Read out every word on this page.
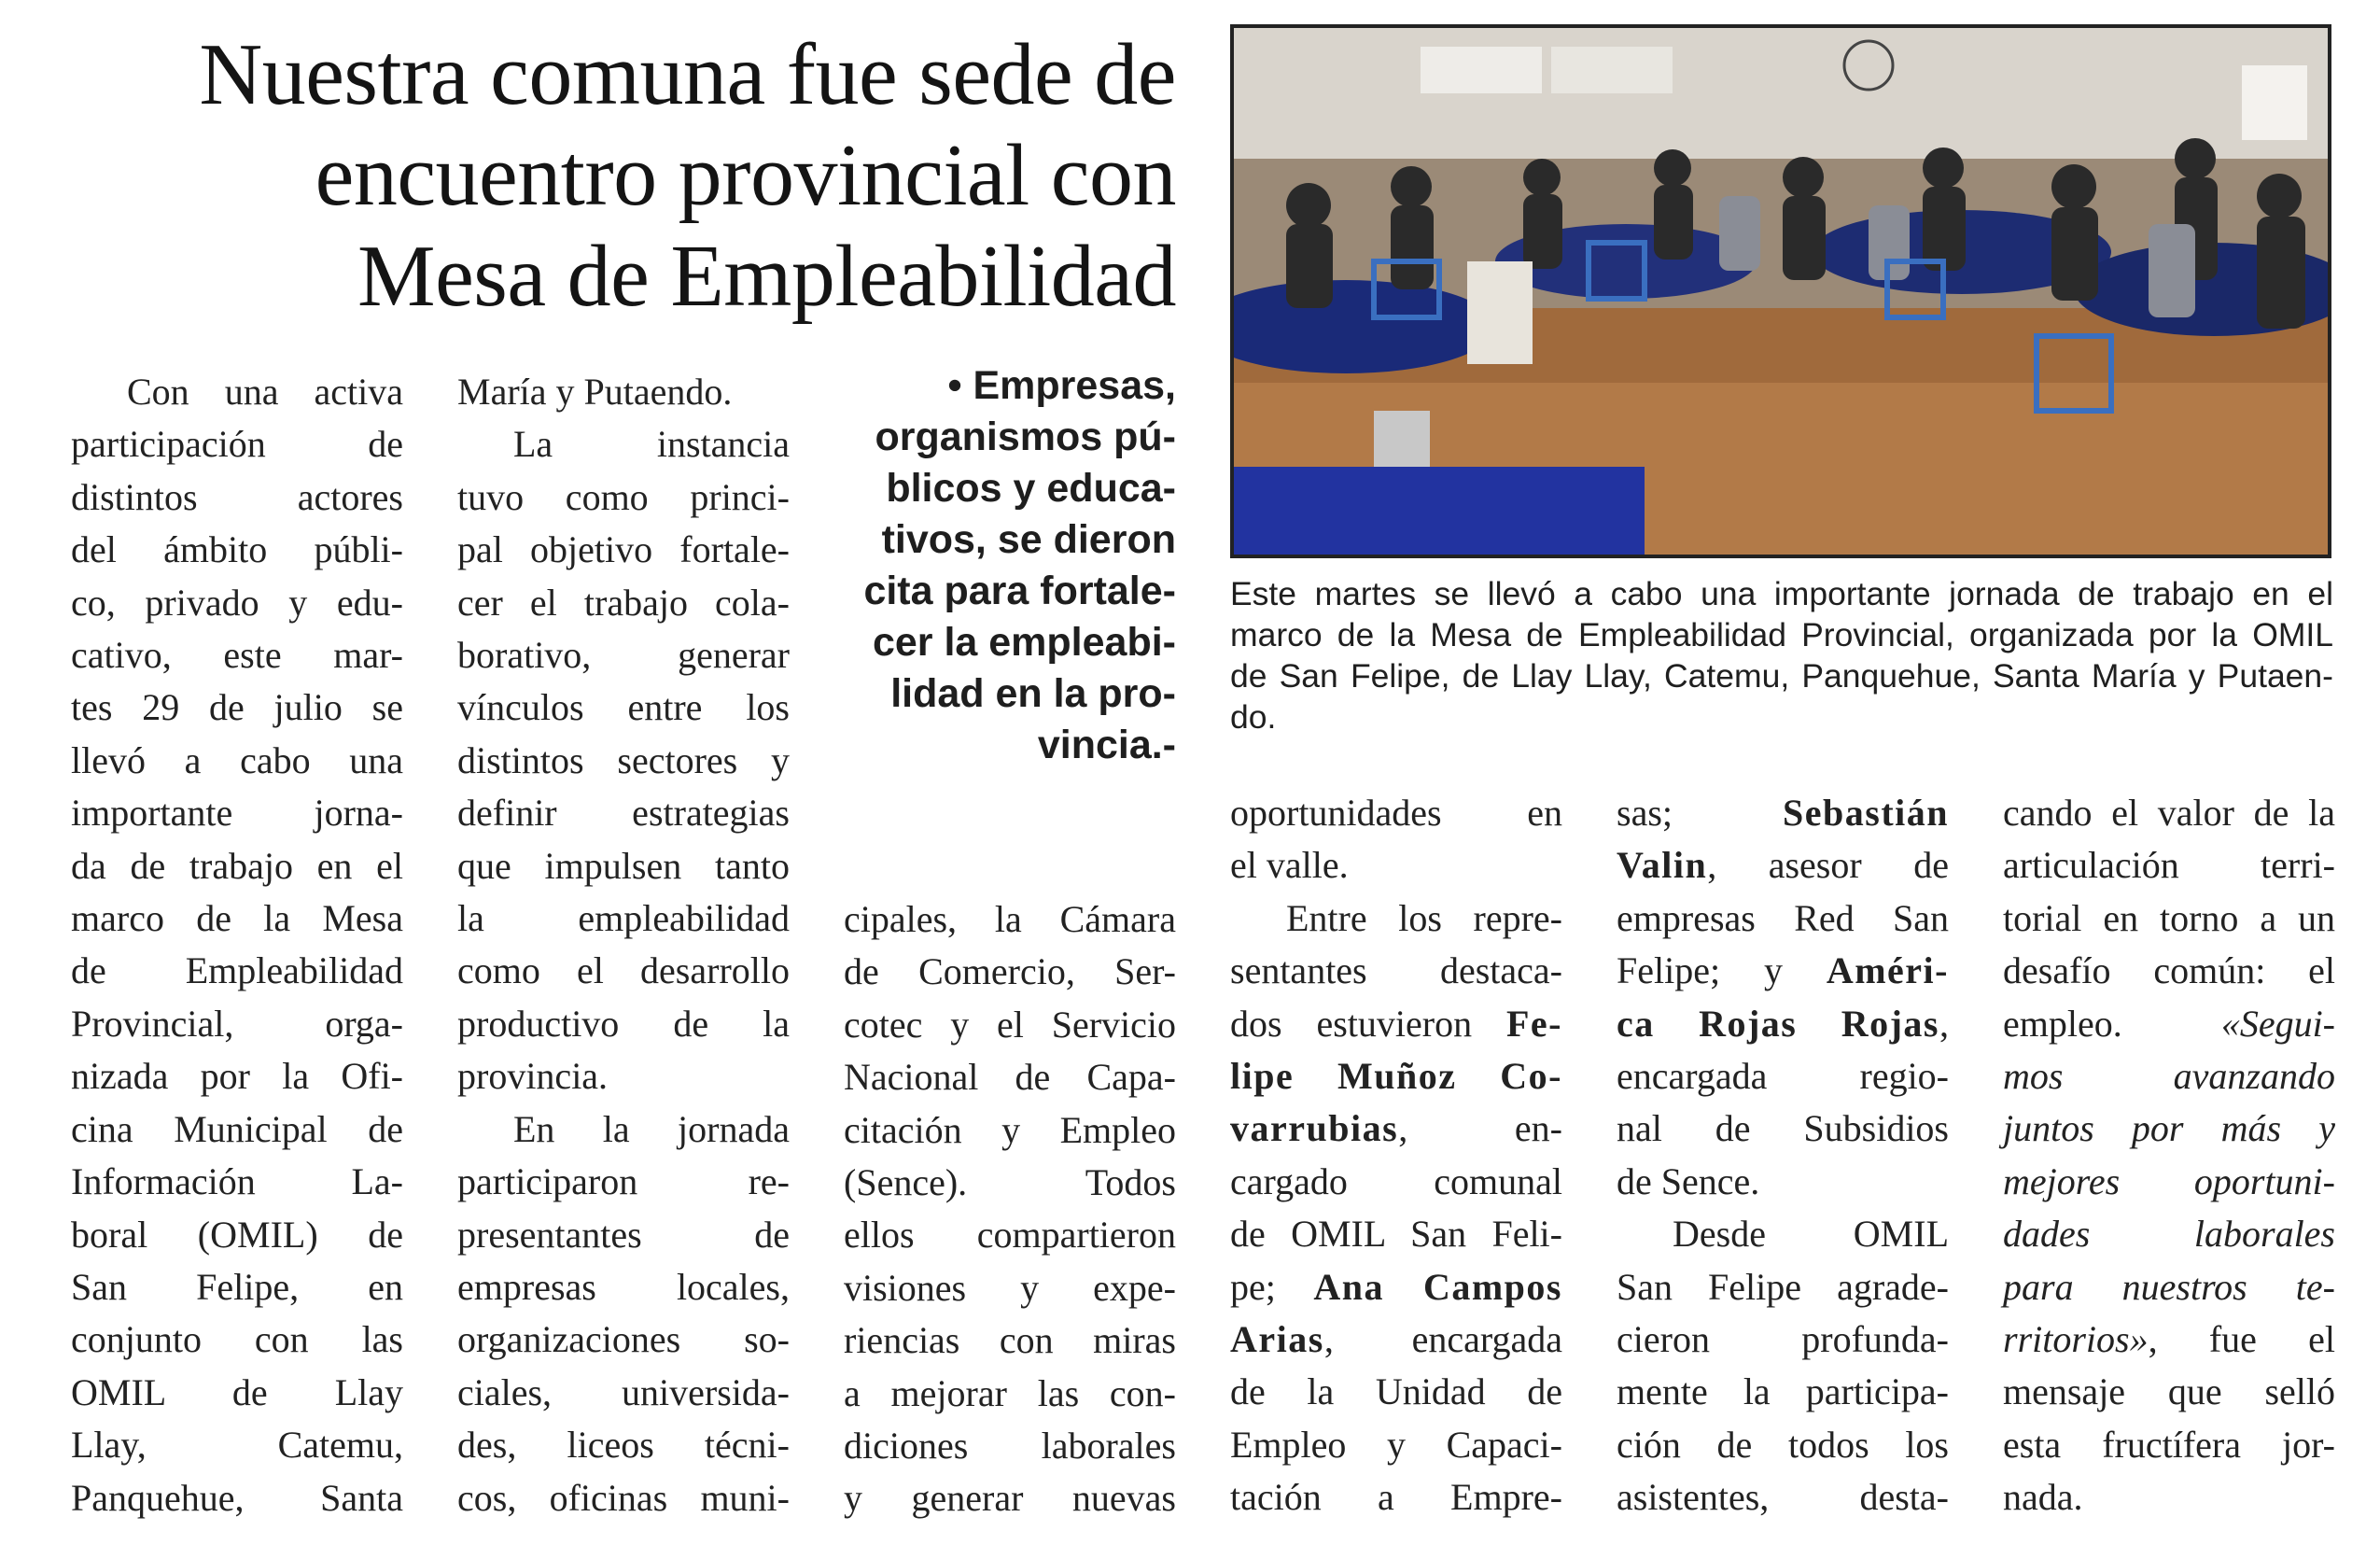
Nuestra comuna fue sede de
encuentro provincial con
Mesa de Empleabilidad

Este martes se llevó a cabo una importante jornada de trabajo en el
marco de la Mesa de Empleabilidad Provincial, organizada por la OMIL
de San Felipe, de Llay Llay, Catemu, Panquehue, Santa María y Putaen-
do.

• Empresas,
organismos pú-
blicos y educa-
tivos, se dieron
cita para fortale-
cer la empleabi-
lidad en la pro-
vincia.-

Con una activa
participación de
distintos actores
del ámbito públi-
co, privado y edu-
cativo, este mar-
tes 29 de julio se
llevó a cabo una
importante jorna-
da de trabajo en el
marco de la Mesa
de Empleabilidad
Provincial, orga-
nizada por la Ofi-
cina Municipal de
Información La-
boral (OMIL) de
San Felipe, en
conjunto con las
OMIL de Llay
Llay, Catemu,
Panquehue, Santa
María y Putaendo.
La instancia
tuvo como princi-
pal objetivo fortale-
cer el trabajo cola-
borativo, generar
vínculos entre los
distintos sectores y
definir estrategias
que impulsen tanto
la empleabilidad
como el desarrollo
productivo de la
provincia.
En la jornada
participaron re-
presentantes de
empresas locales,
organizaciones so-
ciales, universida-
des, liceos técni-
cos, oficinas muni-
cipales, la Cámara
de Comercio, Ser-
cotec y el Servicio
Nacional de Capa-
citación y Empleo
(Sence). Todos
ellos compartieron
visiones y expe-
riencias con miras
a mejorar las con-
diciones laborales
y generar nuevas
oportunidades en
el valle.
Entre los repre-
sentantes destaca-
dos estuvieron Fe-
lipe Muñoz Co-
varrubias, en-
cargado comunal
de OMIL San Feli-
pe; Ana Campos
Arias, encargada
de la Unidad de
Empleo y Capaci-
tación a Empre-
sas; Sebastián
Valin, asesor de
empresas Red San
Felipe; y Améri-
ca Rojas Rojas,
encargada regio-
nal de Subsidios
de Sence.
Desde OMIL
San Felipe agrade-
cieron profunda-
mente la participa-
ción de todos los
asistentes, desta-
cando el valor de la
articulación terri-
torial en torno a un
desafío común: el
empleo. «Segui-
mos avanzando
juntos por más y
mejores oportuni-
dades laborales
para nuestros te-
rritorios», fue el
mensaje que selló
esta fructífera jor-
nada.
